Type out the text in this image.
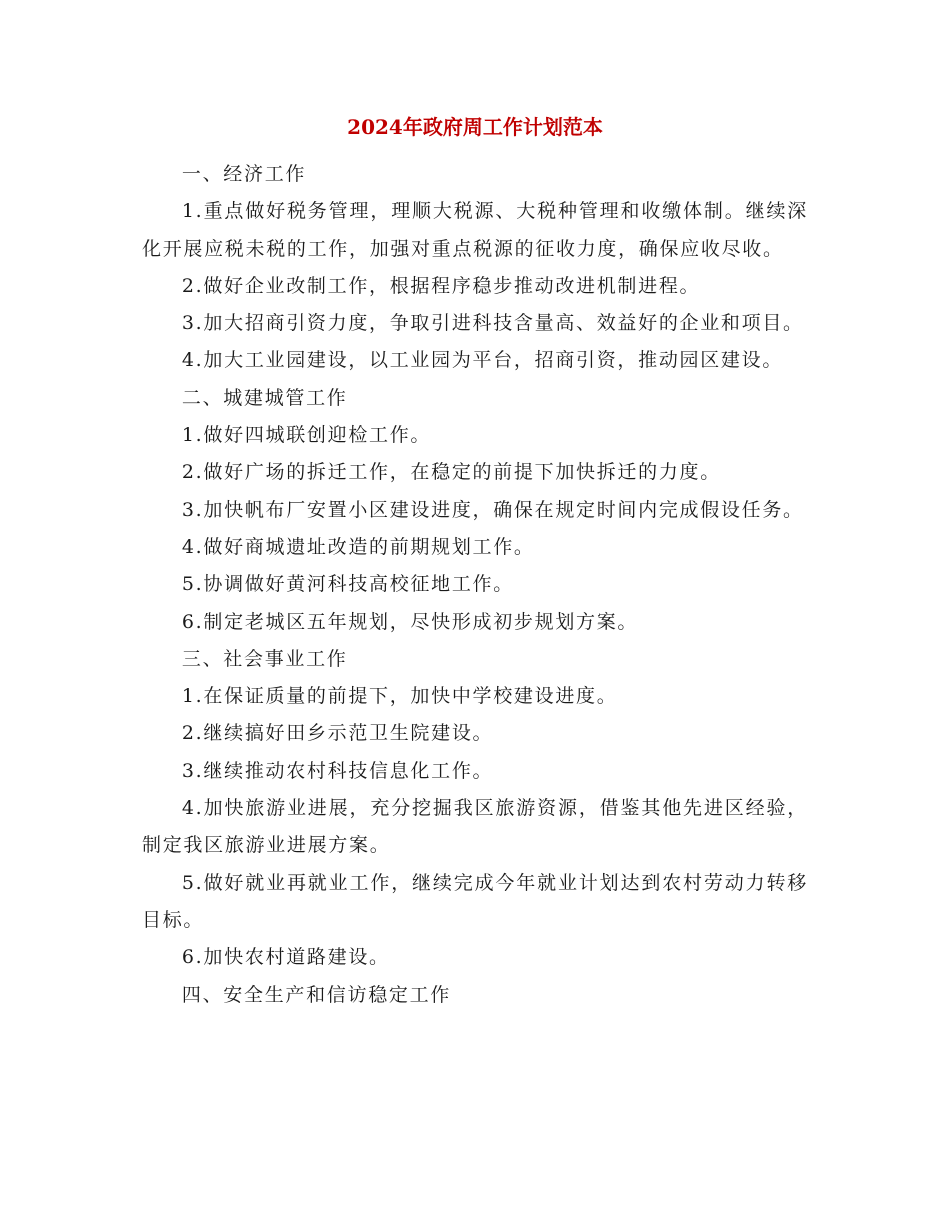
2024年政府周工作计划范本

一、经济工作

1.重点做好税务管理，理顺大税源、大税种管理和收缴体制。继续深化开展应税未税的工作，加强对重点税源的征收力度，确保应收尽收。

2.做好企业改制工作，根据程序稳步推动改进机制进程。

3.加大招商引资力度，争取引进科技含量高、效益好的企业和项目。

4.加大工业园建设，以工业园为平台，招商引资，推动园区建设。

二、城建城管工作

1.做好四城联创迎检工作。

2.做好广场的拆迁工作，在稳定的前提下加快拆迁的力度。

3.加快帆布厂安置小区建设进度，确保在规定时间内完成假设任务。

4.做好商城遗址改造的前期规划工作。

5.协调做好黄河科技高校征地工作。

6.制定老城区五年规划，尽快形成初步规划方案。

三、社会事业工作

1.在保证质量的前提下，加快中学校建设进度。

2.继续搞好田乡示范卫生院建设。

3.继续推动农村科技信息化工作。

4.加快旅游业进展，充分挖掘我区旅游资源，借鉴其他先进区经验，制定我区旅游业进展方案。

5.做好就业再就业工作，继续完成今年就业计划达到农村劳动力转移目标。

6.加快农村道路建设。

四、安全生产和信访稳定工作
